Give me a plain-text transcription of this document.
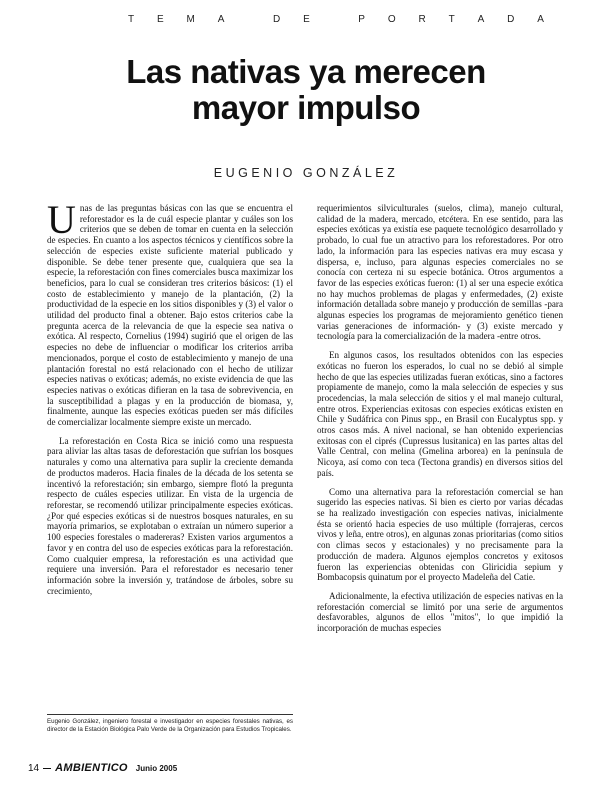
T E M A
	D E
	P O R T A D A
Las nativas ya merecen
mayor impulso
EUGENIO GONZÁLEZ

Unas de las preguntas básicas con las que se encuentra el reforestador es la de cuál especie plantar y cuáles son los criterios que se deben de tomar en cuenta en la selección de especies. En cuanto a los aspectos técnicos y científicos sobre la selección de especies existe suficiente material publicado y disponible. Se debe tener presente que, cualquiera que sea la especie, la reforestación con fines comerciales busca maximizar los beneficios, para lo cual se consideran tres criterios básicos: (1) el costo de establecimiento y manejo de la plantación, (2) la productividad de la especie en los sitios disponibles y (3) el valor o utilidad del producto final a obtener. Bajo estos criterios cabe la pregunta acerca de la relevancia de que la especie sea nativa o exótica. Al respecto, Cornelius (1994) sugirió que el origen de las especies no debe de influenciar o modificar los criterios arriba mencionados, porque el costo de establecimiento y manejo de una plantación forestal no está relacionado con el hecho de utilizar especies nativas o exóticas; además, no existe evidencia de que las especies nativas o exóticas difieran en la tasa de sobrevivencia, en la susceptibilidad a plagas y en la producción de biomasa, y, finalmente, aunque las especies exóticas pueden ser más difíciles de comercializar localmente siempre existe un mercado.

La reforestación en Costa Rica se inició como una respuesta para aliviar las altas tasas de deforestación que sufrían los bosques naturales y como una alternativa para suplir la creciente demanda de productos maderos. Hacia finales de la década de los setenta se incentivó la reforestación; sin embargo, siempre flotó la pregunta respecto de cuáles especies utilizar. En vista de la urgencia de reforestar, se recomendó utilizar principalmente especies exóticas. ¿Por qué especies exóticas si de nuestros bosques naturales, en su mayoría primarios, se explotaban o extraían un número superior a 100 especies forestales o madereras? Existen varios argumentos a favor y en contra del uso de especies exóticas para la reforestación. Como cualquier empresa, la reforestación es una actividad que requiere una inversión. Para el reforestador es necesario tener información sobre la inversión y, tratándose de árboles, sobre su crecimiento,

requerimientos silviculturales (suelos, clima), manejo cultural, calidad de la madera, mercado, etcétera. En ese sentido, para las especies exóticas ya existía ese paquete tecnológico desarrollado y probado, lo cual fue un atractivo para los reforestadores. Por otro lado, la información para las especies nativas era muy escasa y dispersa, e, incluso, para algunas especies comerciales no se conocía con certeza ni su especie botánica. Otros argumentos a favor de las especies exóticas fueron: (1) al ser una especie exótica no hay muchos problemas de plagas y enfermedades, (2) existe información detallada sobre manejo y producción de semillas -para algunas especies los programas de mejoramiento genético tienen varias generaciones de información- y (3) existe mercado y tecnología para la comercialización de la madera -entre otros.

En algunos casos, los resultados obtenidos con las especies exóticas no fueron los esperados, lo cual no se debió al simple hecho de que las especies utilizadas fueran exóticas, sino a factores propiamente de manejo, como la mala selección de especies y sus procedencias, la mala selección de sitios y el mal manejo cultural, entre otros. Experiencias exitosas con especies exóticas existen en Chile y Sudáfrica con Pinus spp., en Brasil con Eucalyptus spp. y otros casos más. A nivel nacional, se han obtenido experiencias exitosas con el ciprés (Cupressus lusitanica) en las partes altas del Valle Central, con melina (Gmelina arborea) en la península de Nicoya, así como con teca (Tectona grandis) en diversos sitios del país.

Como una alternativa para la reforestación comercial se han sugerido las especies nativas. Si bien es cierto por varias décadas se ha realizado investigación con especies nativas, inicialmente ésta se orientó hacia especies de uso múltiple (forrajeras, cercos vivos y leña, entre otros), en algunas zonas prioritarias (como sitios con climas secos y estacionales) y no precisamente para la producción de madera. Algunos ejemplos concretos y exitosos fueron las experiencias obtenidas con Gliricidia sepium y Bombacopsis quinatum por el proyecto Madeleña del Catie.

Adicionalmente, la efectiva utilización de especies nativas en la reforestación comercial se limitó por una serie de argumentos desfavorables, algunos de ellos "mitos", lo que impidió la incorporación de muchas especies

Eugenio González, ingeniero forestal e investigador en especies forestales nativas, es director de la Estación Biológica Palo Verde de la Organización para Estudios Tropicales.
14 AMBIENTICO Junio 2005
